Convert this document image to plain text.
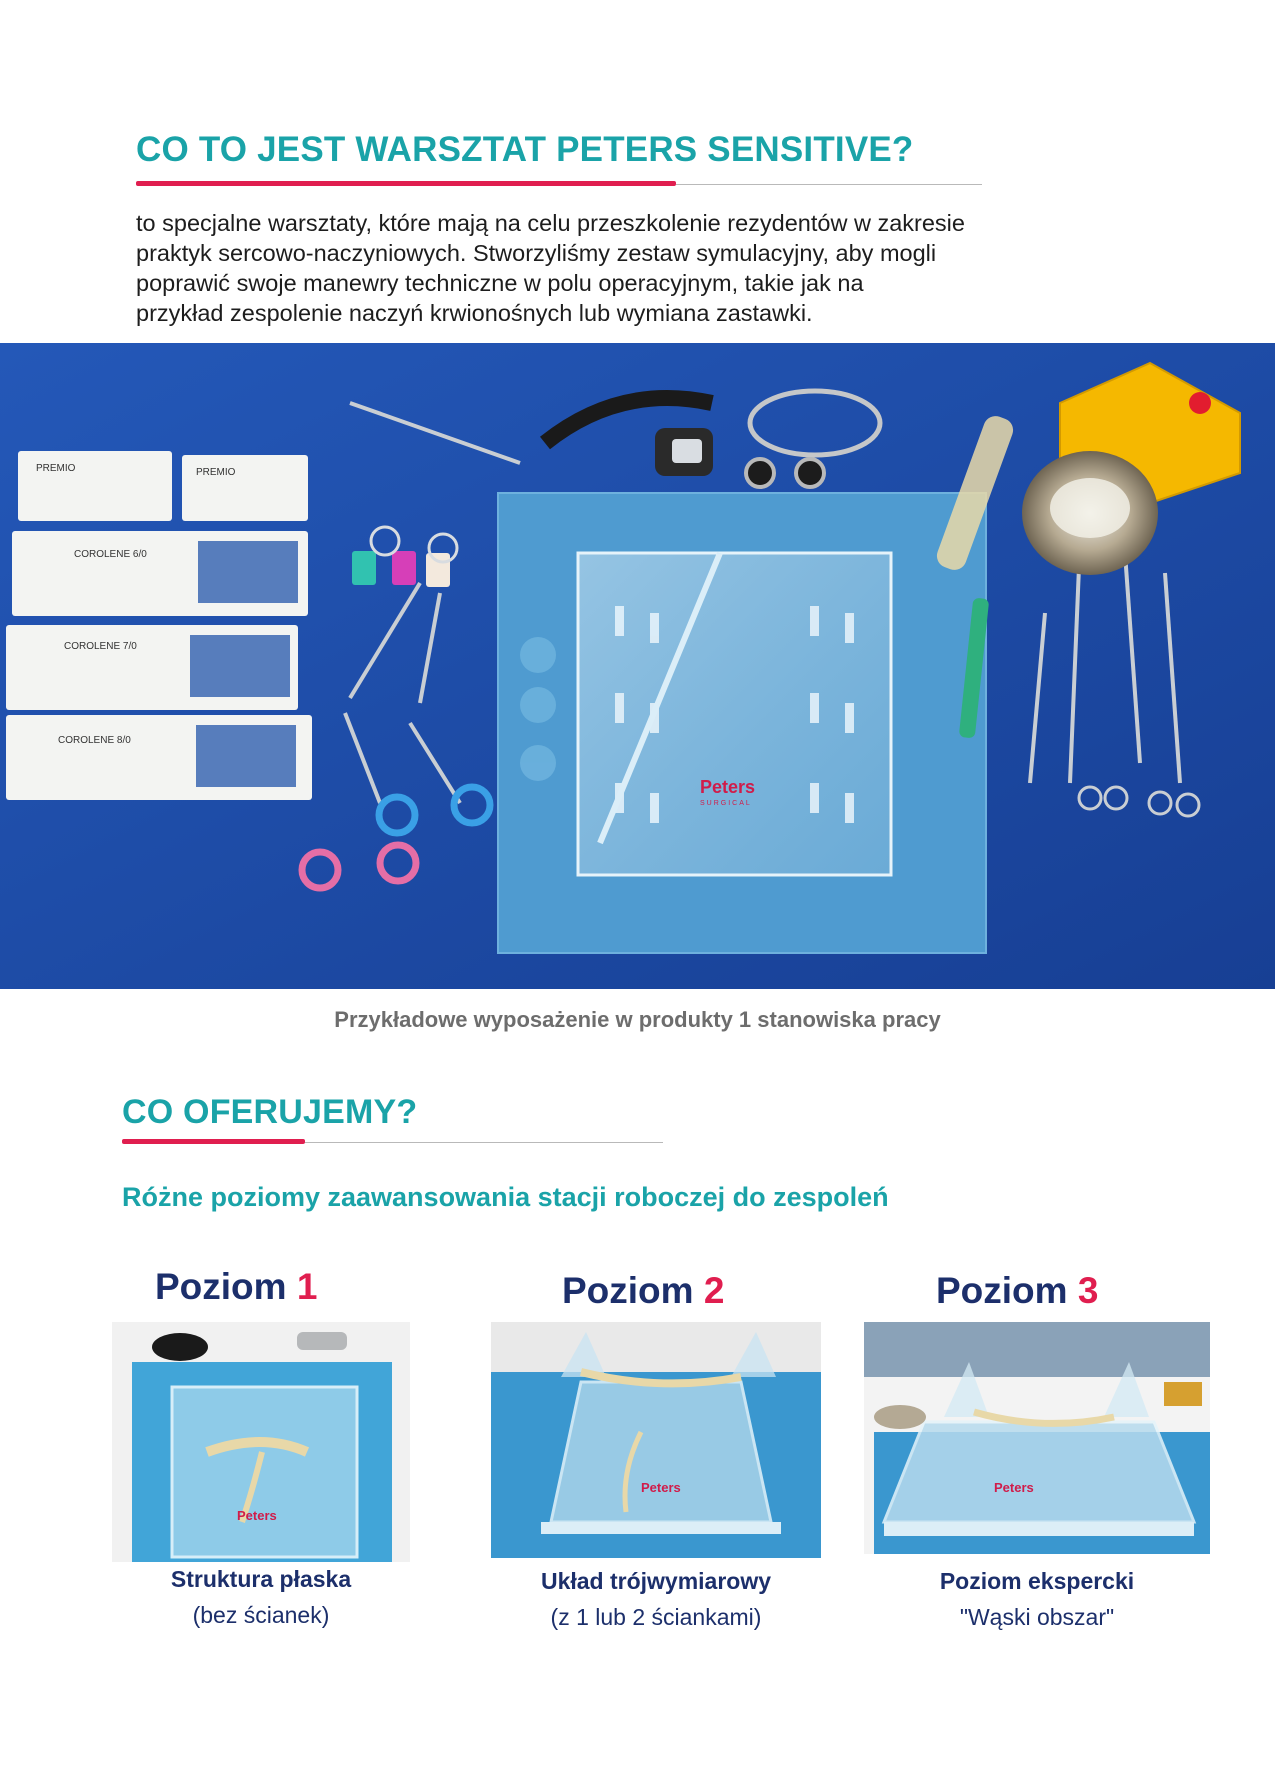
CO TO JEST WARSZTAT PETERS SENSITIVE?
to specjalne warsztaty, które mają na celu przeszkolenie rezydentów w zakresie
praktyk sercowo-naczyniowych. Stworzyliśmy zestaw symulacyjny, aby mogli
poprawić swoje manewry techniczne w polu operacyjnym, takie jak na
przykład zespolenie naczyń krwionośnych lub wymiana zastawki.
Peters
SURGICAL
PREMIO	PREMIO
COROLENE 6/0
COROLENE 7/0
COROLENE 8/0
Przykładowe wyposażenie w produkty 1 stanowiska pracy
CO OFERUJEMY?
Różne poziomy zaawansowania stacji roboczej do zespoleń
Poziom 1
Peters
Struktura płaska
(bez ścianek)
Poziom 2
Peters
Układ trójwymiarowy
(z 1 lub 2 ściankami)
Poziom 3
Peters
Poziom ekspercki
"Wąski obszar"
